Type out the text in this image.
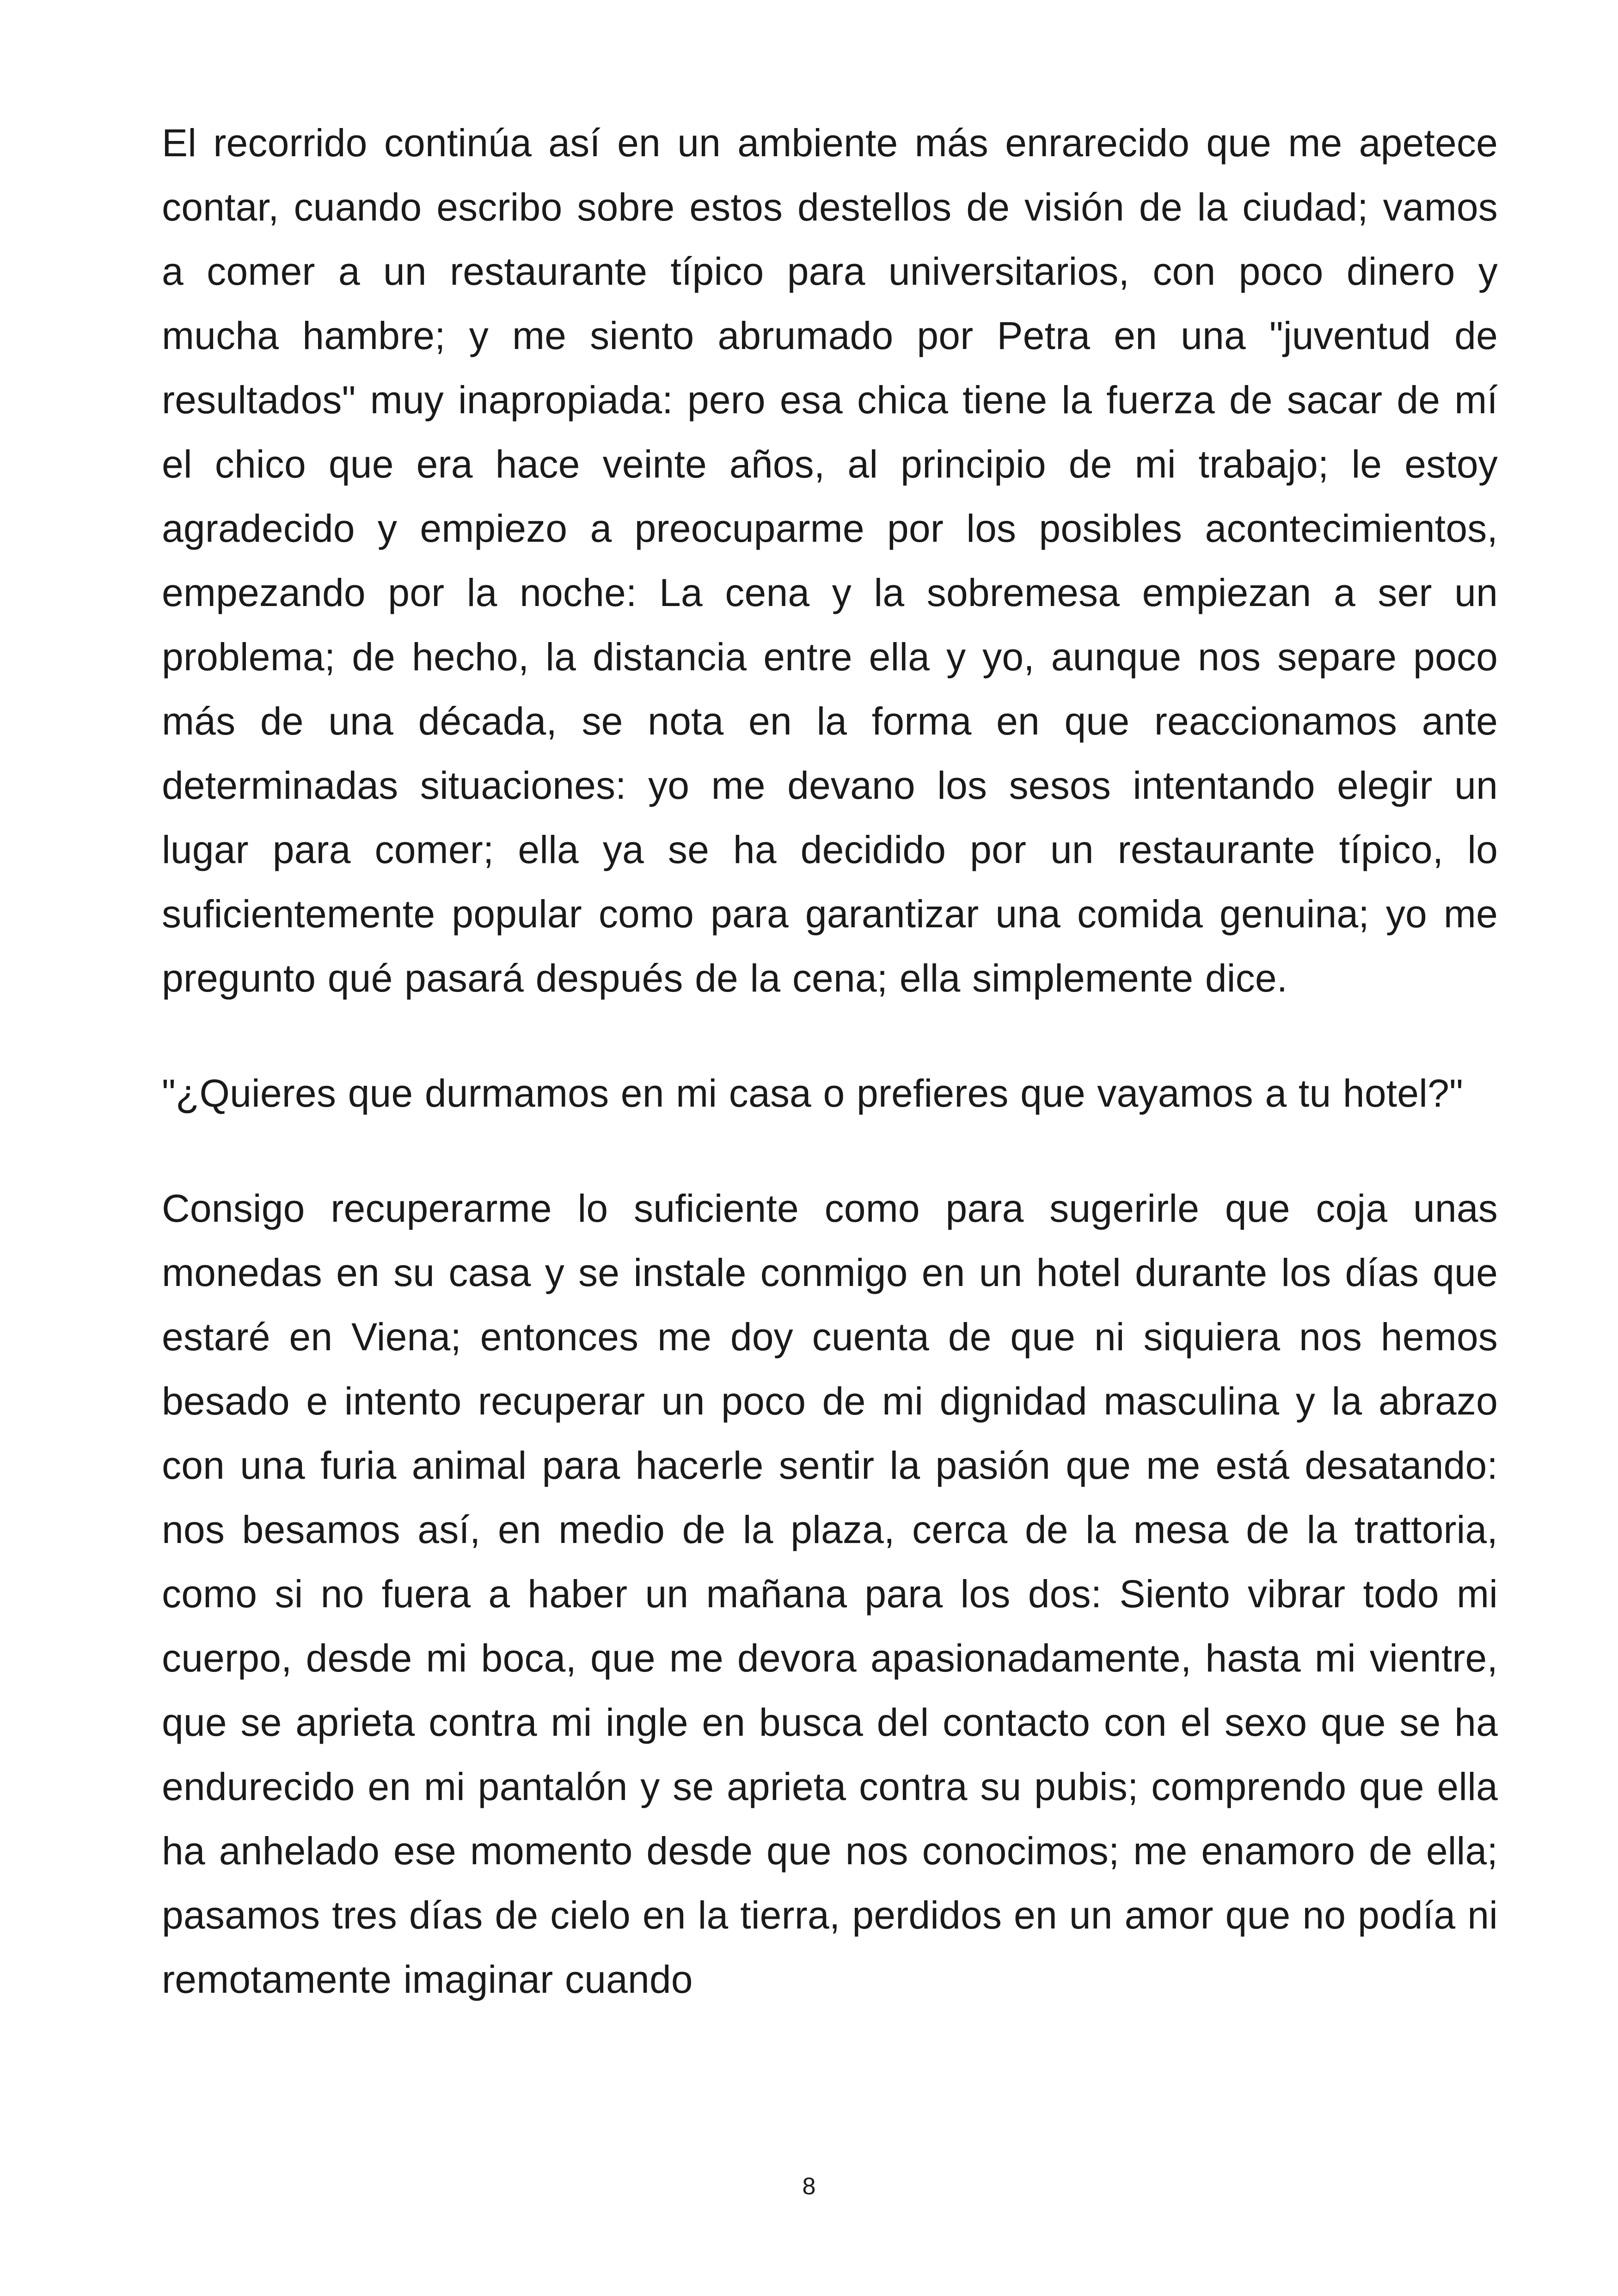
El recorrido continúa así en un ambiente más enrarecido que me apetece contar, cuando escribo sobre estos destellos de visión de la ciudad; vamos a comer a un restaurante típico para universitarios, con poco dinero y mucha hambre; y me siento abrumado por Petra en una "juventud de resultados" muy inapropiada: pero esa chica tiene la fuerza de sacar de mí el chico que era hace veinte años, al principio de mi trabajo; le estoy agradecido y empiezo a preocuparme por los posibles acontecimientos, empezando por la noche: La cena y la sobremesa empiezan a ser un problema; de hecho, la distancia entre ella y yo, aunque nos separe poco más de una década, se nota en la forma en que reaccionamos ante determinadas situaciones: yo me devano los sesos intentando elegir un lugar para comer; ella ya se ha decidido por un restaurante típico, lo suficientemente popular como para garantizar una comida genuina; yo me pregunto qué pasará después de la cena; ella simplemente dice.

"¿Quieres que durmamos en mi casa o prefieres que vayamos a tu hotel?"

Consigo recuperarme lo suficiente como para sugerirle que coja unas monedas en su casa y se instale conmigo en un hotel durante los días que estaré en Viena; entonces me doy cuenta de que ni siquiera nos hemos besado e intento recuperar un poco de mi dignidad masculina y la abrazo con una furia animal para hacerle sentir la pasión que me está desatando: nos besamos así, en medio de la plaza, cerca de la mesa de la trattoria, como si no fuera a haber un mañana para los dos: Siento vibrar todo mi cuerpo, desde mi boca, que me devora apasionadamente, hasta mi vientre, que se aprieta contra mi ingle en busca del contacto con el sexo que se ha endurecido en mi pantalón y se aprieta contra su pubis; comprendo que ella ha anhelado ese momento desde que nos conocimos; me enamoro de ella; pasamos tres días de cielo en la tierra, perdidos en un amor que no podía ni remotamente imaginar cuando

8
